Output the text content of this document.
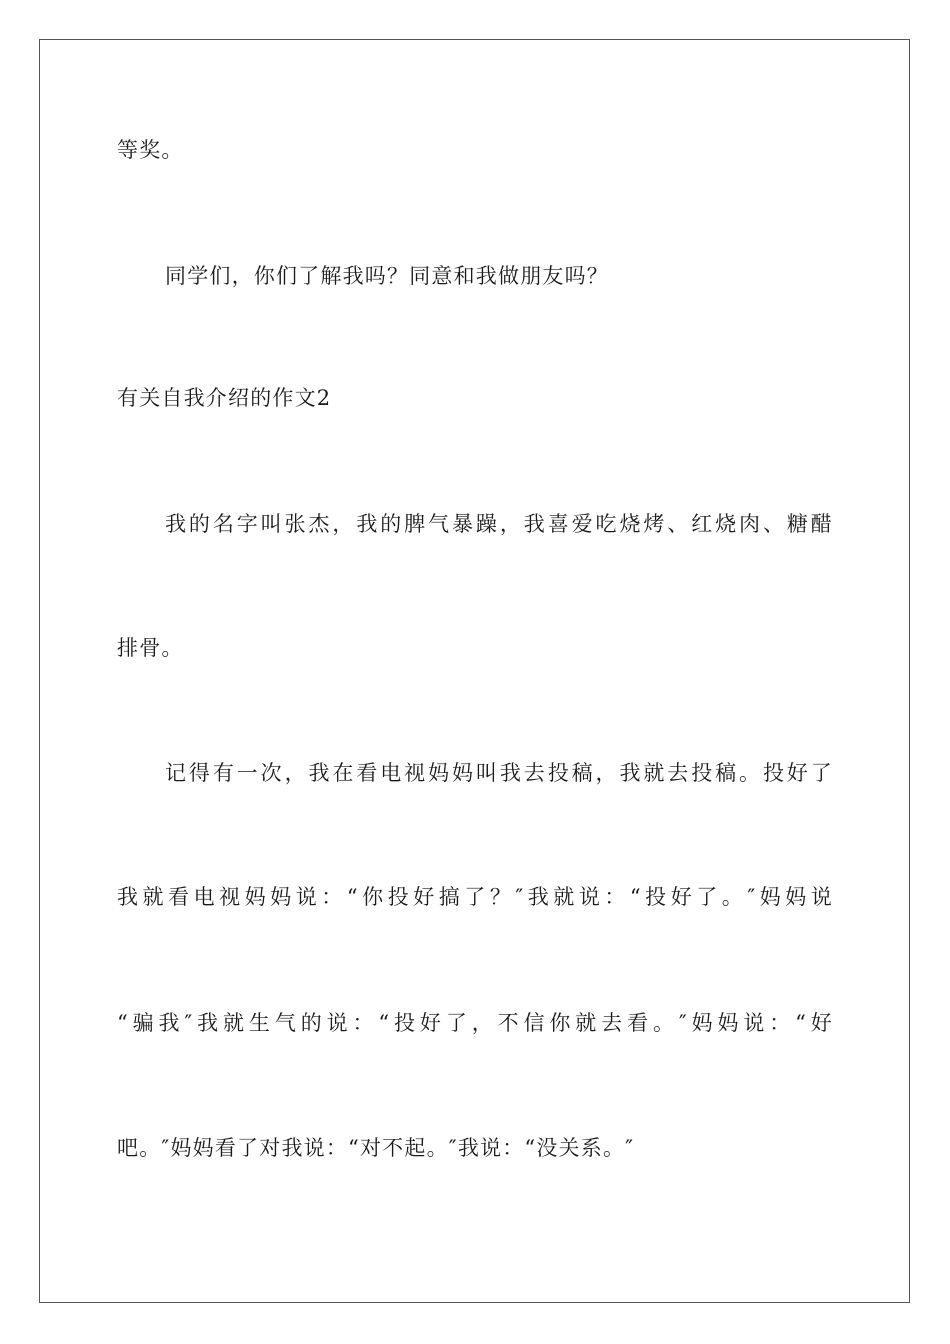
等奖。
同学们，你们了解我吗？同意和我做朋友吗？
有关自我介绍的作文2
我的名字叫张杰，我的脾气暴躁，我喜爱吃烧烤、红烧肉、糖醋
排骨。
记得有一次，我在看电视妈妈叫我去投稿，我就去投稿。投好了
我就看电视妈妈说：“你投好搞了？″我就说：“投好了。″妈妈说
“骗我″我就生气的说：“投好了，不信你就去看。″妈妈说：“好
吧。″妈妈看了对我说：“对不起。″我说：“没关系。″
